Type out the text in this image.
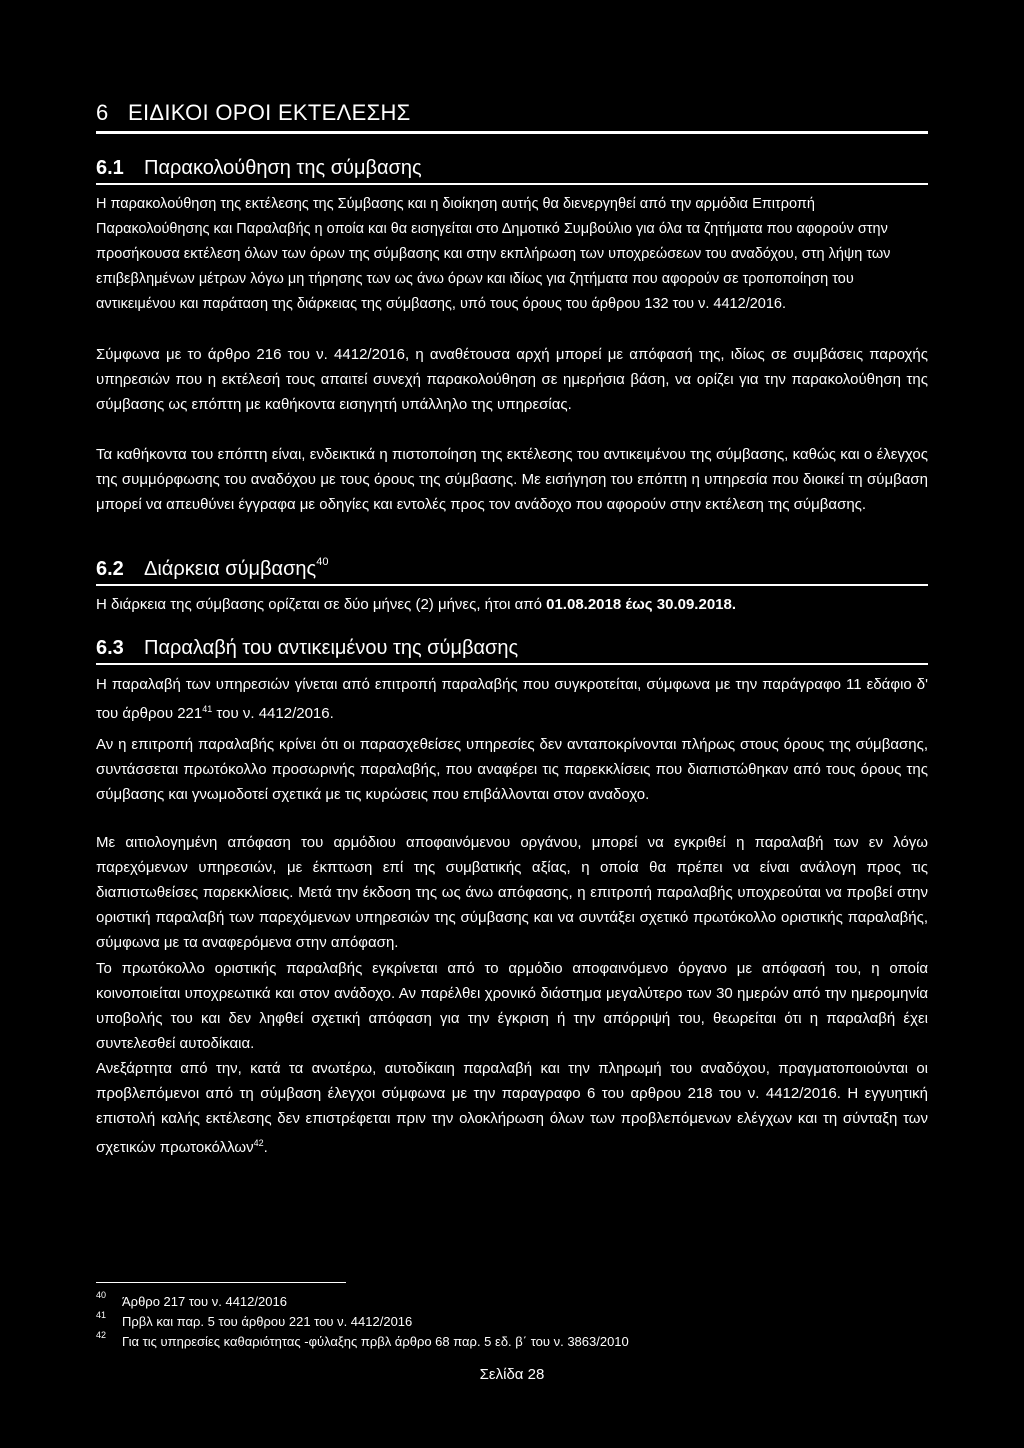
6 ΕΙΔΙΚΟΙ ΟΡΟΙ ΕΚΤΕΛΕΣΗΣ
6.1 Παρακολούθηση της σύμβασης

Η παρακολούθηση της εκτέλεσης της Σύμβασης και η διοίκηση αυτής θα διενεργηθεί από την αρμόδια Επιτροπή Παρακολούθησης και Παραλαβής η οποία και θα εισηγείται στο Δημοτικό Συμβούλιο για όλα τα ζητήματα που αφορούν στην προσήκουσα εκτέλεση όλων των όρων της σύμβασης και στην εκπλήρωση των υποχρεώσεων του αναδόχου, στη λήψη των επιβεβλημένων μέτρων λόγω μη τήρησης των ως άνω όρων και ιδίως για ζητήματα που αφορούν σε τροποποίηση του αντικειμένου και παράταση της διάρκειας της σύμβασης, υπό τους όρους του άρθρου 132 του ν. 4412/2016.

Σύμφωνα με το άρθρο 216 του ν. 4412/2016, η αναθέτουσα αρχή μπορεί με απόφασή της, ιδίως σε συμβάσεις παροχής υπηρεσιών που η εκτέλεσή τους απαιτεί συνεχή παρακολούθηση σε ημερήσια βάση, να ορίζει για την παρακολούθηση της σύμβασης ως επόπτη με καθήκοντα εισηγητή υπάλληλο της υπηρεσίας.

Τα καθήκοντα του επόπτη είναι, ενδεικτικά η πιστοποίηση της εκτέλεσης του αντικειμένου της σύμβασης, καθώς και ο έλεγχος της συμμόρφωσης του αναδόχου με τους όρους της σύμβασης. Με εισήγηση του επόπτη η υπηρεσία που διοικεί τη σύμβαση μπορεί να απευθύνει έγγραφα με οδηγίες και εντολές προς τον ανάδοχο που αφορούν στην εκτέλεση της σύμβασης.

6.2 Διάρκεια σύμβασης$^{40}$

Η διάρκεια της σύμβασης ορίζεται σε δύο μήνες (2) μήνες, ήτοι από 01.08.2018 έως 30.09.2018.

6.3 Παραλαβή του αντικειμένου της σύμβασης

Η παραλαβή των υπηρεσιών γίνεται από επιτροπή παραλαβής που συγκροτείται, σύμφωνα με την παράγραφο 11 εδάφιο δ' του άρθρου $221^{41}$ του ν. 4412/2016.

Αν η επιτροπή παραλαβής κρίνει ότι οι παρασχεθείσες υπηρεσίες δεν ανταποκρίνονται πλήρως στους όρους της σύμβασης, συντάσσεται πρωτόκολλο προσωρινής παραλαβής, που αναφέρει τις παρεκκλίσεις που διαπιστώθηκαν από τους όρους της σύμβασης και γνωμοδοτεί σχετικά με τις κυρώσεις που επιβάλλονται στον αναδοχο.

Με αιτιολογημένη απόφαση του αρμόδιου αποφαινόμενου οργάνου, μπορεί να εγκριθεί η παραλαβή των εν λόγω παρεχόμενων υπηρεσιών, με έκπτωση επί της συμβατικής αξίας, η οποία θα πρέπει να είναι ανάλογη προς τις διαπιστωθείσες παρεκκλίσεις. Μετά την έκδοση της ως άνω απόφασης, η επιτροπή παραλαβής υποχρεούται να προβεί στην οριστική παραλαβή των παρεχόμενων υπηρεσιών της σύμβασης και να συντάξει σχετικό πρωτόκολλο οριστικής παραλαβής, σύμφωνα με τα αναφερόμενα στην απόφαση.

Το πρωτόκολλο οριστικής παραλαβής εγκρίνεται από το αρμόδιο αποφαινόμενο όργανο με απόφασή του, η οποία κοινοποιείται υποχρεωτικά και στον ανάδοχο. Αν παρέλθει χρονικό διάστημα μεγαλύτερο των 30 ημερών από την ημερομηνία υποβολής του και δεν ληφθεί σχετική απόφαση για την έγκριση ή την απόρριψή του, θεωρείται ότι η παραλαβή έχει συντελεσθεί αυτοδίκαια.

Ανεξάρτητα από την, κατά τα ανωτέρω, αυτοδίκαιη παραλαβή και την πληρωμή του αναδόχου, πραγματοποιούνται οι προβλεπόμενοι από τη σύμβαση έλεγχοι σύμφωνα με την παραγραφο 6 του αρθρου 218 του ν. 4412/2016. Η εγγυητική επιστολή καλής εκτέλεσης δεν επιστρέφεται πριν την ολοκλήρωση όλων των προβλεπόμενων ελέγχων και τη σύνταξη των σχετικών πρωτοκόλλων$^{42}$.

40 Άρθρο 217 του ν. 4412/2016
41 Πρβλ και παρ. 5 του άρθρου 221 του ν. 4412/2016
42 Για τις υπηρεσίες καθαριότητας -φύλαξης πρβλ άρθρο 68 παρ. 5 εδ. β΄ του ν. 3863/2010
Σελίδα 28
